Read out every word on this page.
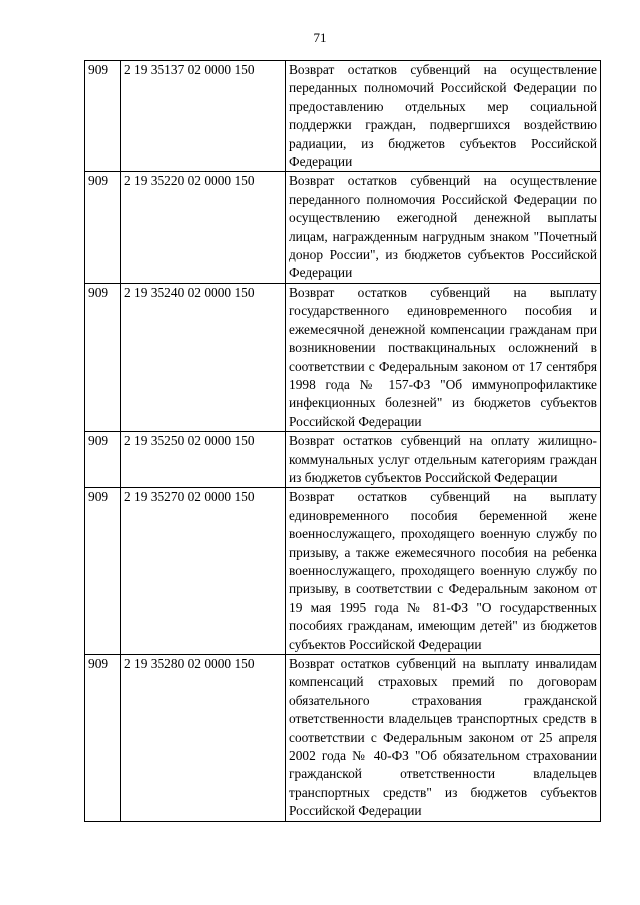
71
909	2 19 35137 02 0000 150	Возврат остатков субвенций на осуществление переданных полномочий Российской Федерации по предоставлению отдельных мер социальной поддержки граждан, подвергшихся воздействию радиации, из бюджетов субъектов Российской Федерации
909	2 19 35220 02 0000 150	Возврат остатков субвенций на осуществление переданного полномочия Российской Федерации по осуществлению ежегодной денежной выплаты лицам, награжденным нагрудным знаком "Почетный донор России", из бюджетов субъектов Российской Федерации
909	2 19 35240 02 0000 150	Возврат остатков субвенций на выплату государственного единовременного пособия и ежемесячной денежной компенсации гражданам при возникновении поствакцинальных осложнений в соответствии с Федеральным законом от 17 сентября 1998 года № 157-ФЗ "Об иммунопрофилактике инфекционных болезней" из бюджетов субъектов Российской Федерации
909	2 19 35250 02 0000 150	Возврат остатков субвенций на оплату жилищно-коммунальных услуг отдельным категориям граждан из бюджетов субъектов Российской Федерации
909	2 19 35270 02 0000 150	Возврат остатков субвенций на выплату единовременного пособия беременной жене военнослужащего, проходящего военную службу по призыву, а также ежемесячного пособия на ребенка военнослужащего, проходящего военную службу по призыву, в соответствии с Федеральным законом от 19 мая 1995 года № 81-ФЗ "О государственных пособиях гражданам, имеющим детей" из бюджетов субъектов Российской Федерации
909	2 19 35280 02 0000 150	Возврат остатков субвенций на выплату инвалидам компенсаций страховых премий по договорам обязательного страхования гражданской ответственности владельцев транспортных средств в соответствии с Федеральным законом от 25 апреля 2002 года № 40-ФЗ "Об обязательном страховании гражданской ответственности владельцев транспортных средств" из бюджетов субъектов Российской Федерации
